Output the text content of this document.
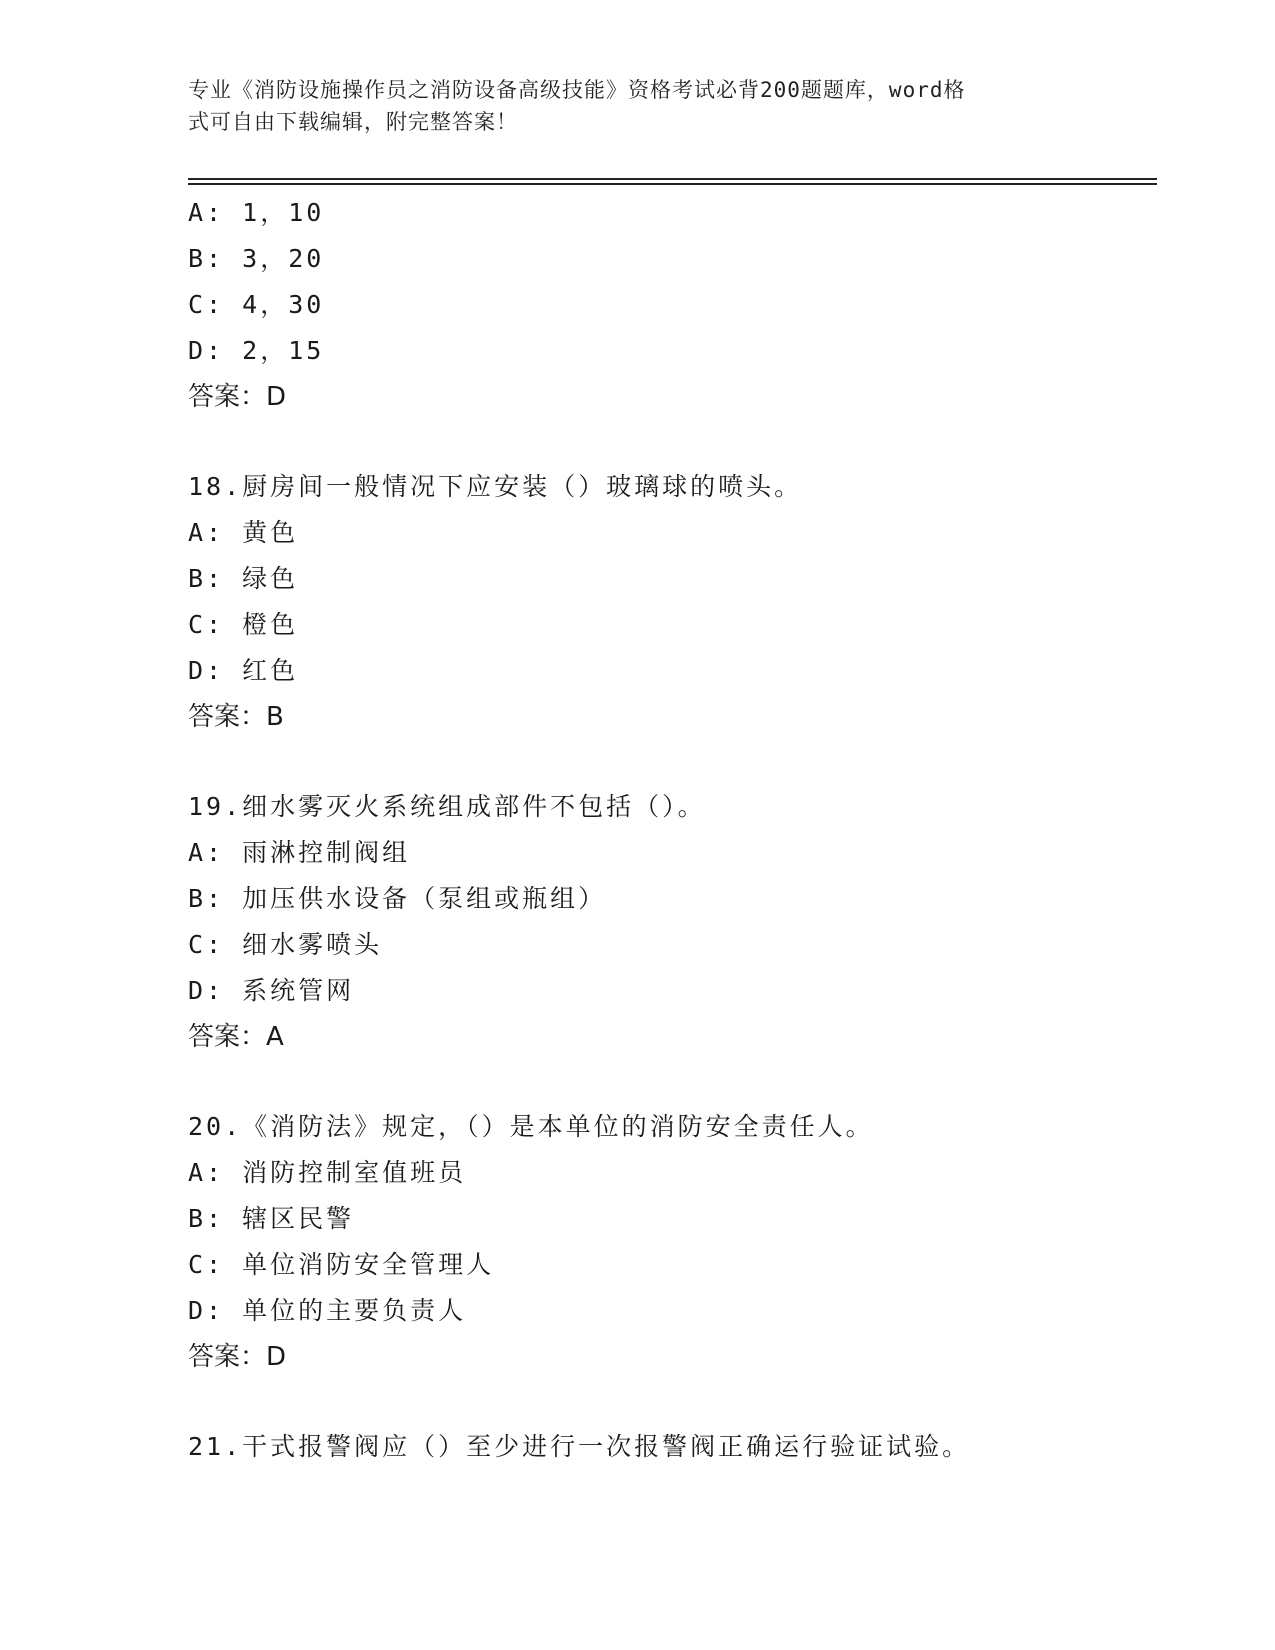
专业《消防设施操作员之消防设备高级技能》资格考试必背200题题库，word格
式可自由下载编辑，附完整答案！
A: 1，10
B: 3，20
C: 4，30
D: 2，15
答案：D
18.厨房间一般情况下应安装（）玻璃球的喷头。
A: 黄色
B: 绿色
C: 橙色
D: 红色
答案：B
19.细水雾灭火系统组成部件不包括（）。
A: 雨淋控制阀组
B: 加压供水设备（泵组或瓶组）
C: 细水雾喷头
D: 系统管网
答案：A
20.《消防法》规定，（）是本单位的消防安全责任人。
A: 消防控制室值班员
B: 辖区民警
C: 单位消防安全管理人
D: 单位的主要负责人
答案：D
21.干式报警阀应（）至少进行一次报警阀正确运行验证试验。
